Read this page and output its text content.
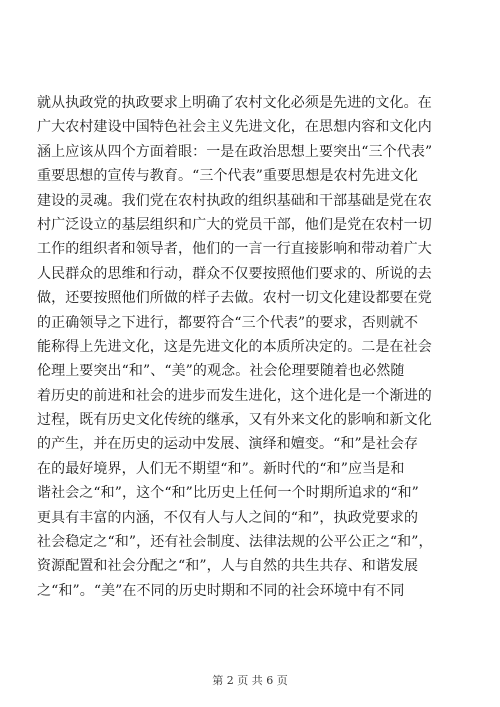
就从执政党的执政要求上明确了农村文化必须是先进的文化。在
广大农村建设中国特色社会主义先进文化，在思想内容和文化内
涵上应该从四个方面着眼：一是在政治思想上要突出“三个代表”
重要思想的宣传与教育。“三个代表”重要思想是农村先进文化
建设的灵魂。我们党在农村执政的组织基础和干部基础是党在农
村广泛设立的基层组织和广大的党员干部，他们是党在农村一切
工作的组织者和领导者，他们的一言一行直接影响和带动着广大
人民群众的思维和行动，群众不仅要按照他们要求的、所说的去
做，还要按照他们所做的样子去做。农村一切文化建设都要在党
的正确领导之下进行，都要符合“三个代表”的要求，否则就不
能称得上先进文化，这是先进文化的本质所决定的。二是在社会
伦理上要突出“和”、“美”的观念。社会伦理要随着也必然随
着历史的前进和社会的进步而发生进化，这个进化是一个渐进的
过程，既有历史文化传统的继承，又有外来文化的影响和新文化
的产生，并在历史的运动中发展、演绎和嬗变。“和”是社会存
在的最好境界，人们无不期望“和”。新时代的“和”应当是和
谐社会之“和”，这个“和”比历史上任何一个时期所追求的“和”
更具有丰富的内涵，不仅有人与人之间的“和”，执政党要求的
社会稳定之“和”，还有社会制度、法律法规的公平公正之“和”，
资源配置和社会分配之“和”，人与自然的共生共存、和谐发展
之“和”。“美”在不同的历史时期和不同的社会环境中有不同
第 2 页 共 6 页
